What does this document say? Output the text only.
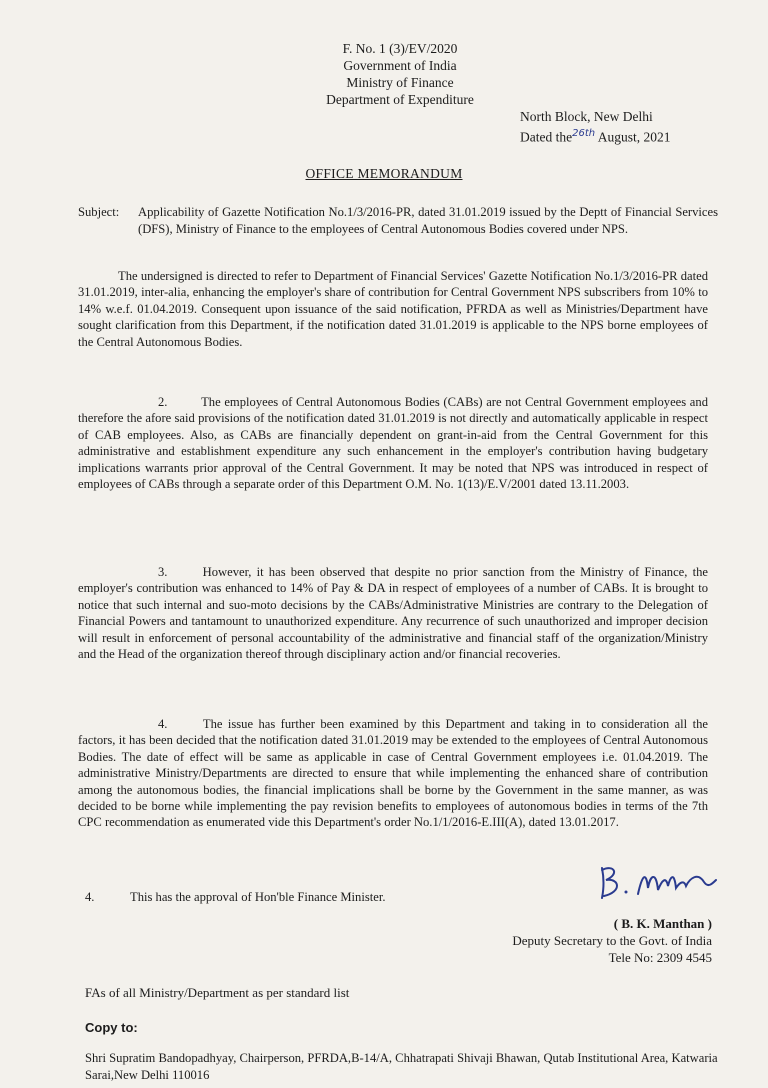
F. No. 1 (3)/EV/2020
Government of India
Ministry of Finance
Department of Expenditure
North Block, New Delhi
Dated the$^{26th}$ August, 2021
OFFICE MEMORANDUM
Subject: Applicability of Gazette Notification No.1/3/2016-PR, dated 31.01.2019 issued by the Deptt of Financial Services (DFS), Ministry of Finance to the employees of Central Autonomous Bodies covered under NPS.
The undersigned is directed to refer to Department of Financial Services' Gazette Notification No.1/3/2016-PR dated 31.01.2019, inter-alia, enhancing the employer's share of contribution for Central Government NPS subscribers from 10% to 14% w.e.f. 01.04.2019. Consequent upon issuance of the said notification, PFRDA as well as Ministries/Department have sought clarification from this Department, if the notification dated 31.01.2019 is applicable to the NPS borne employees of the Central Autonomous Bodies.
2.	The employees of Central Autonomous Bodies (CABs) are not Central Government employees and therefore the afore said provisions of the notification dated 31.01.2019 is not directly and automatically applicable in respect of CAB employees. Also, as CABs are financially dependent on grant-in-aid from the Central Government for this administrative and establishment expenditure any such enhancement in the employer's contribution having budgetary implications warrants prior approval of the Central Government. It may be noted that NPS was introduced in respect of employees of CABs through a separate order of this Department O.M. No. 1(13)/E.V/2001 dated 13.11.2003.
3.	However, it has been observed that despite no prior sanction from the Ministry of Finance, the employer's contribution was enhanced to 14% of Pay & DA in respect of employees of a number of CABs. It is brought to notice that such internal and suo-moto decisions by the CABs/Administrative Ministries are contrary to the Delegation of Financial Powers and tantamount to unauthorized expenditure. Any recurrence of such unauthorized and improper decision will result in enforcement of personal accountability of the administrative and financial staff of the organization/Ministry and the Head of the organization thereof through disciplinary action and/or financial recoveries.
4.	The issue has further been examined by this Department and taking in to consideration all the factors, it has been decided that the notification dated 31.01.2019 may be extended to the employees of Central Autonomous Bodies. The date of effect will be same as applicable in case of Central Government employees i.e. 01.04.2019. The administrative Ministry/Departments are directed to ensure that while implementing the enhanced share of contribution among the autonomous bodies, the financial implications shall be borne by the Government in the same manner, as was decided to be borne while implementing the pay revision benefits to employees of autonomous bodies in terms of the 7th CPC recommendation as enumerated vide this Department's order No.1/1/2016-E.III(A), dated 13.01.2017.
4.	This has the approval of Hon'ble Finance Minister.
( B. K. Manthan )
Deputy Secretary to the Govt. of India
Tele No: 2309 4545
FAs of all Ministry/Department as per standard list
Copy to:
Shri Supratim Bandopadhyay, Chairperson, PFRDA,B-14/A, Chhatrapati Shivaji Bhawan, Qutab Institutional Area, Katwaria Sarai,New Delhi 110016
